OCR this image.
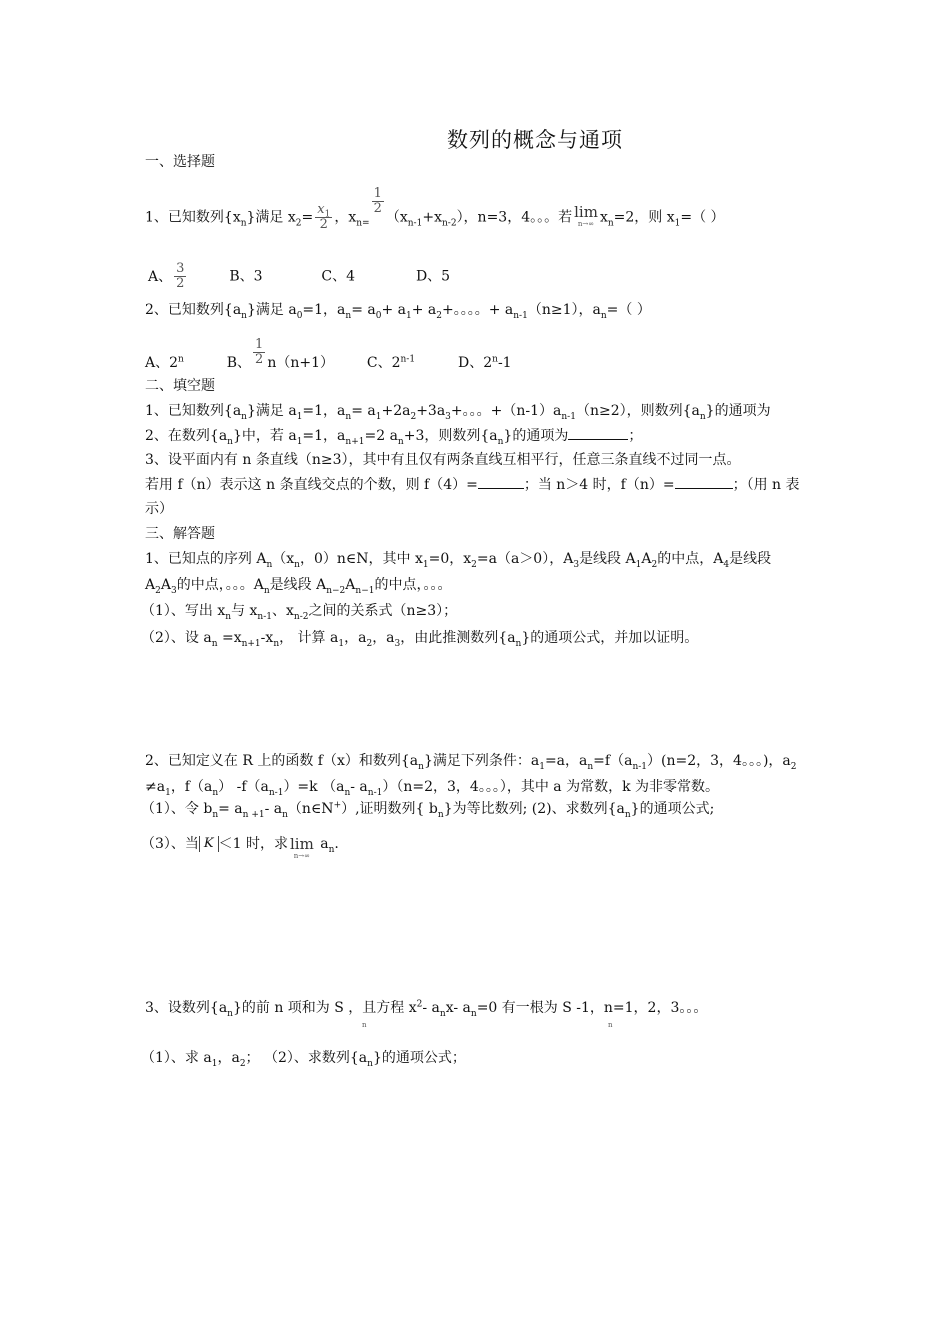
数列的概念与通项
一、选择题
1、已知数列$\{x_n\}$满足 $x_2= \frac{x_1}{2}$ ，$x_{n=}$
$\frac{1}{2}$
$(x_{n-1}+x_{n-2})$，n=3，4。。。若 lim
n→∞ $x_n=2$，则 $x_1=$（ ）
A、 $\frac{3}{2}$	B、3	C、4	D、5
2、已知数列$\{a_n\}$满足 $a_0=1$，$a_n= a_0+ a_1+ a_2+$。。。。+ $a_{n-1}(n\ge 1)$，$a_n=$（ ）
A、2$^n$	B、 $\frac{1}{2} n(n+1)$ C、2$^{n-1}$	D、2$^n$-1
二、填空题
1、已知数列$\{a_n\}$满足 $a_1=1$，$a_n= a_1+2a_2+3a_3+$。。。$+(n-1)a_{n-1}(n\ge 2)$，则数列$\{a_n\}$的通项为
2、在数列$\{a_n\}$中，若 $a_1=1$，$a_{n+1}=2$ $a_n+3$，则数列$\{a_n\}$的通项为	；
3、设平面内有 n 条直线（n≥3），其中有且仅有两条直线互相平行，任意三条直线不过同一点。
若用 f（n）表示这 n 条直线交点的个数，则 f（4）=	；当 n＞4 时，f（n）=	；（用 n 表
示）
三、解答题
1、已知点的序列 $A_n(x_n$，0）n∈N，其中 $x_1=0$，$x_2=a(a>0)$，$A_3$是线段 $A_1A_2$的中点，$A_4$是线段
$A_2A_3$的中点，。。。$A_n$是线段 $A_{n-2}A_{n-1}$的中点，。。。
（1）、写出 $x_n$与 $x_{n-1}$、$x_{n-2}$之间的关系式（n≥3）；
（2）、设 $a_n =x_{n+1}-x_n$， 计算 $a_1$，$a_2$，$a_3$，由此推测数列$\{a_n\}$的通项公式，并加以证明。
2、已知定义在 R 上的函数 f（x）和数列$\{a_n\}$满足下列条件：$a_1=a$，$a_n=f(a_{n-1})(n=2$，3，4。。。)，$a_2$
$\ne a_1$，$f(a_n)$ $-f(a_{n-1})=k$ （$a_n-$ $a_{n-1})(n=2$，3，4。。。），其中 a 为常数，k 为非零常数。
（1）、令 $b_n= a_{n +1}-$ $a_n(n\in N^+)$,证明数列{ $b_n$}为等比数列; (2)、求数列$\{a_n\}$的通项公式;
（3）、当 K ＜1 时，求 lim
n→∞
$a_n$.
3、设数列$\{a_n\}$的前 n 项和为 S ，且方程 $x^2-$ $a_nx-$ $a_n=0$ 有一根为 S -1，n=1，2，3。。。
n	n
（1）、求 $a_1$，$a_2$； （2）、求数列$\{a_n\}$的通项公式；
